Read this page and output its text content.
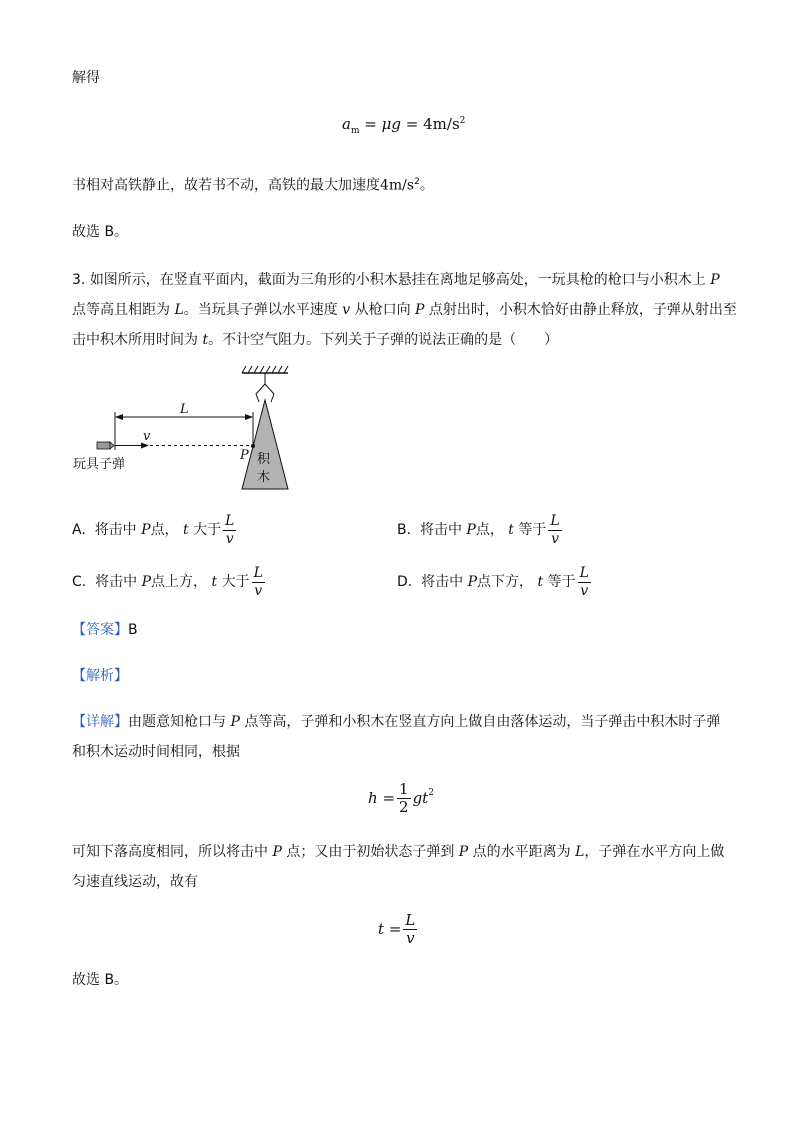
解得
$a_m = \mu g = 4m/s^2$
书相对高铁静止，故若书不动，高铁的最大加速度$4m/s^2$。
故选 B。
3. 如图所示，在竖直平面内，截面为三角形的小积木悬挂在离地足够高处，一玩具枪的枪口与小积木上 P
点等高且相距为 L。当玩具子弹以水平速度 v 从枪口向 P 点射出时，小积木恰好由静止释放，子弹从射出至
击中积木所用时间为 t。不计空气阻力。下列关于子弹的说法正确的是（　　）
积
木
L
v
P
玩具子弹
A.
将击中
P 点，
t
大于 $\frac{L}{v}$	B.
将击中
P 点，
t
等于 $\frac{L}{v}$
C.
将击中
P 点上方，
t
大于 $\frac{L}{v}$	D.
将击中
P 点下方，
t
等于 $\frac{L}{v}$
【答案】B
【解析】
【详解】由题意知枪口与 P 点等高，子弹和小积木在竖直方向上做自由落体运动，当子弹击中积木时子弹
和积木运动时间相同，根据
h
= $\frac{1}{2} gt^2$
可知下落高度相同，所以将击中 P 点；又由于初始状态子弹到 P 点的水平距离为 L，子弹在水平方向上做
匀速直线运动，故有
t
= $\frac{L}{v}$
故选 B。
